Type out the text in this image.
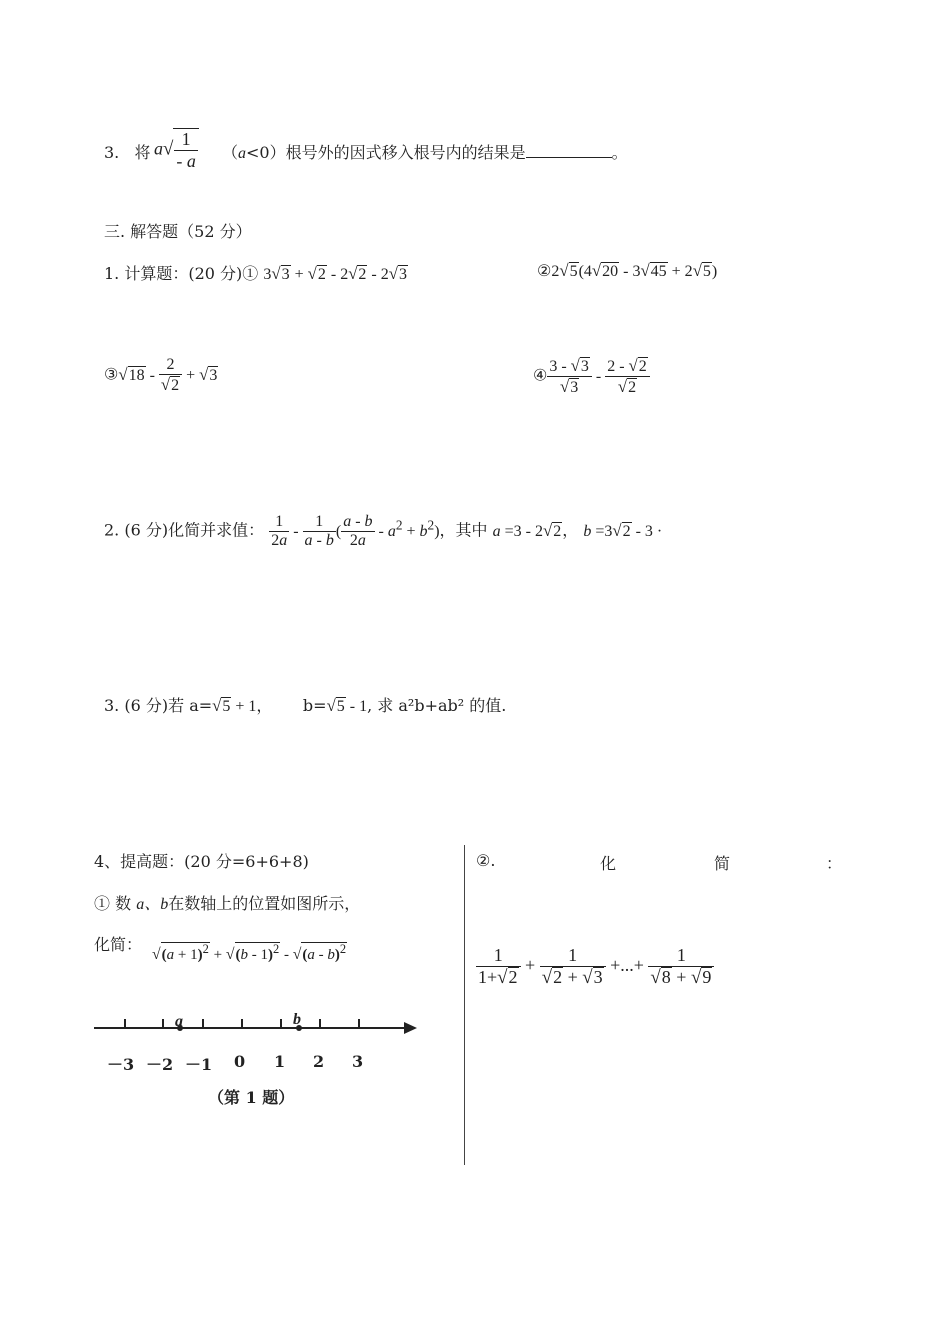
3. 将 $a√ \frac{1}{- a} (a<0)$根号外的因式移入根号内的结果是	。
三. 解答题（52 分）
1. 计算题：(20 分)① 3√3 + √2 - 2√2 - 2√3	②2√5(4√20 - 3√45 + 2√5)
③√18 - $\frac{2}{√2} + √3$	④ $\frac{3 - √3}{√3} - \frac{2 - √2}{√2}$
2. (6 分)化简并求值： $\frac{1}{2a} - \frac{1}{a - b}$ ( $\frac{a - b}{2a} - a^2 + b^2$)，其中 a =3 - 2√2， b =3√2 - 3 ·
3. (6 分)若 a=√5 + 1， b=√5 - 1, 求 a²b+ab² 的值.
4、提高题：(20 分=6+6+8)
① 数 a、b在数轴上的位置如图所示，
化简：
$√(a + 1)^2 + √(b - 1)^2 - √(a - b)^2$
a	b
－3 －2 －1 0 1 2 3
（第 1 题）
②.	化	简	：
$\frac{1}{1+√2} + \frac{1}{√2 + √3}$ +...+ $\frac{1}{√8 + √9}$
